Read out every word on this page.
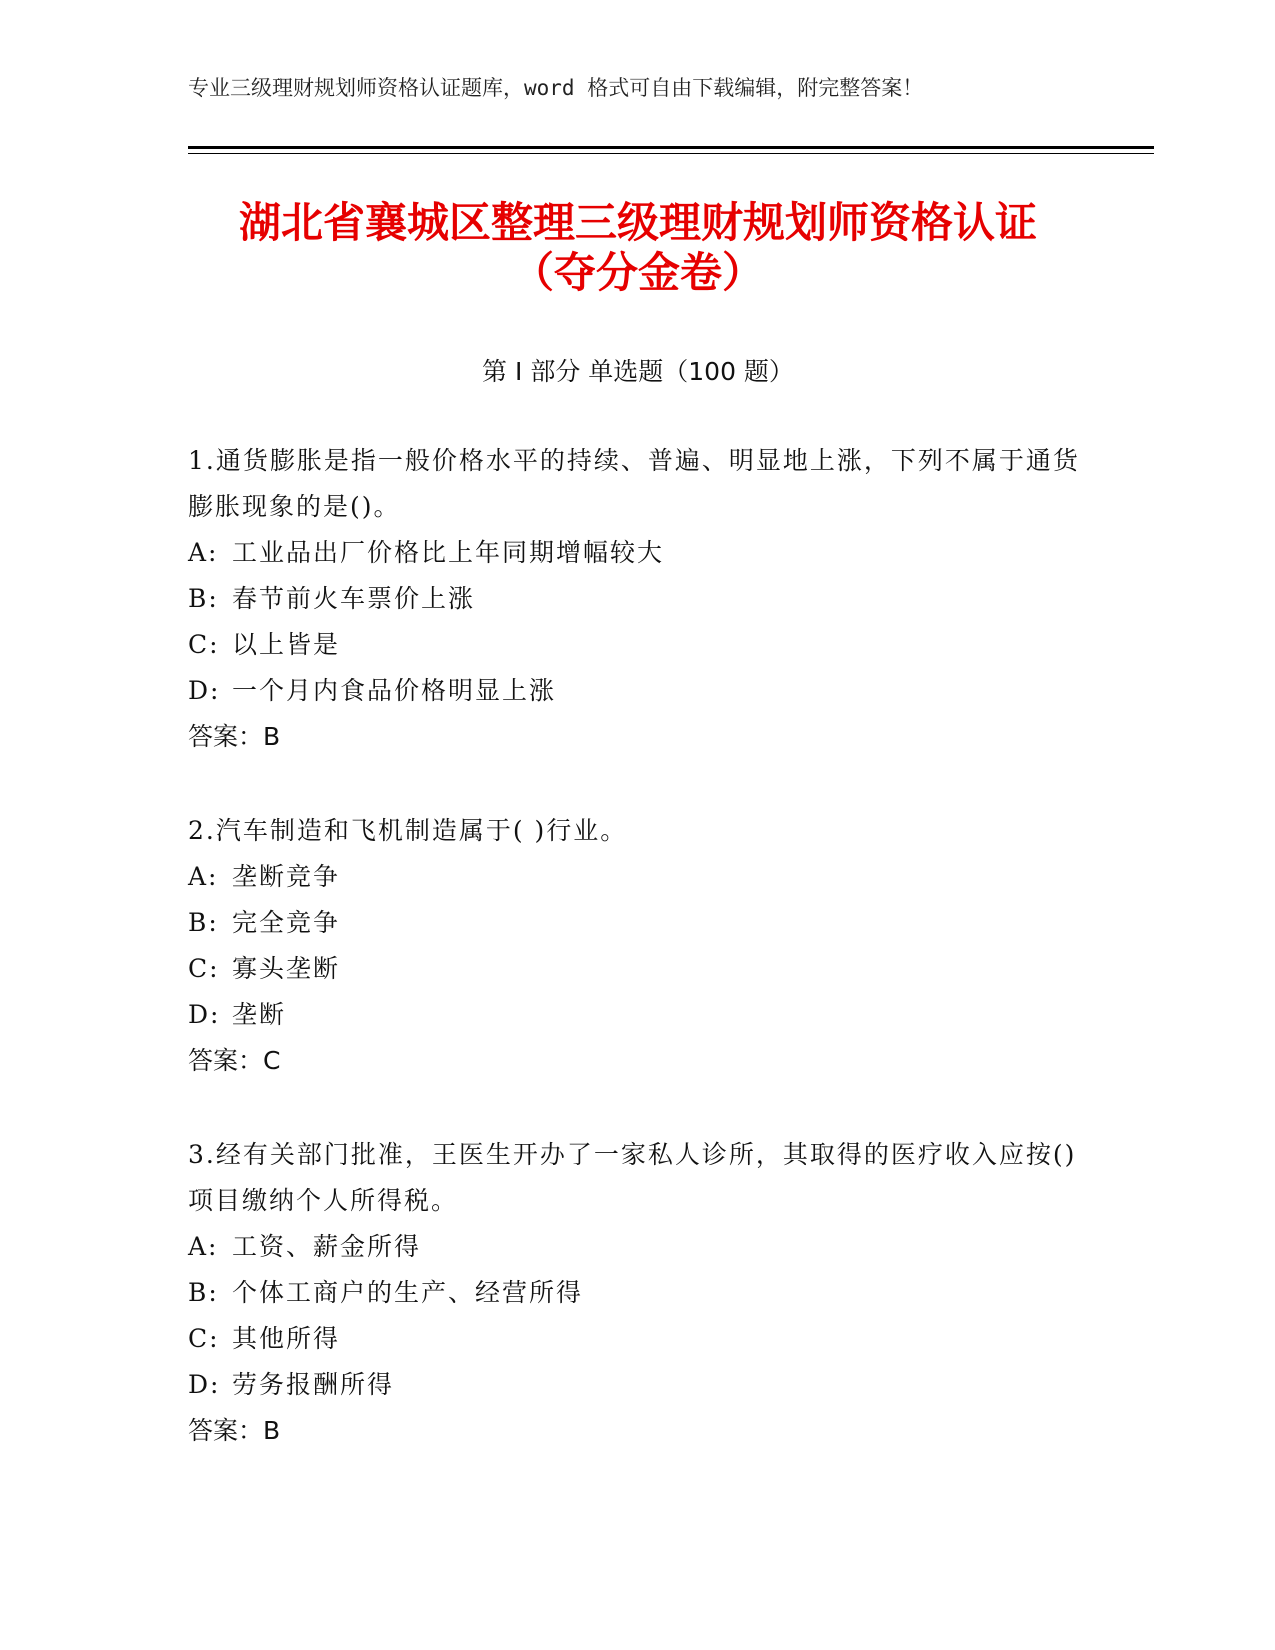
专业三级理财规划师资格认证题库，word 格式可自由下载编辑，附完整答案！
湖北省襄城区整理三级理财规划师资格认证
（夺分金卷）
第 I 部分 单选题（100 题）
1.通货膨胀是指一般价格水平的持续、普遍、明显地上涨，下列不属于通货膨胀现象的是()。
A: 工业品出厂价格比上年同期增幅较大
B: 春节前火车票价上涨
C: 以上皆是
D: 一个月内食品价格明显上涨
答案：B
2.汽车制造和飞机制造属于( )行业。
A: 垄断竞争
B: 完全竞争
C: 寡头垄断
D: 垄断
答案：C
3.经有关部门批准，王医生开办了一家私人诊所，其取得的医疗收入应按()项目缴纳个人所得税。
A: 工资、薪金所得
B: 个体工商户的生产、经营所得
C: 其他所得
D: 劳务报酬所得
答案：B
